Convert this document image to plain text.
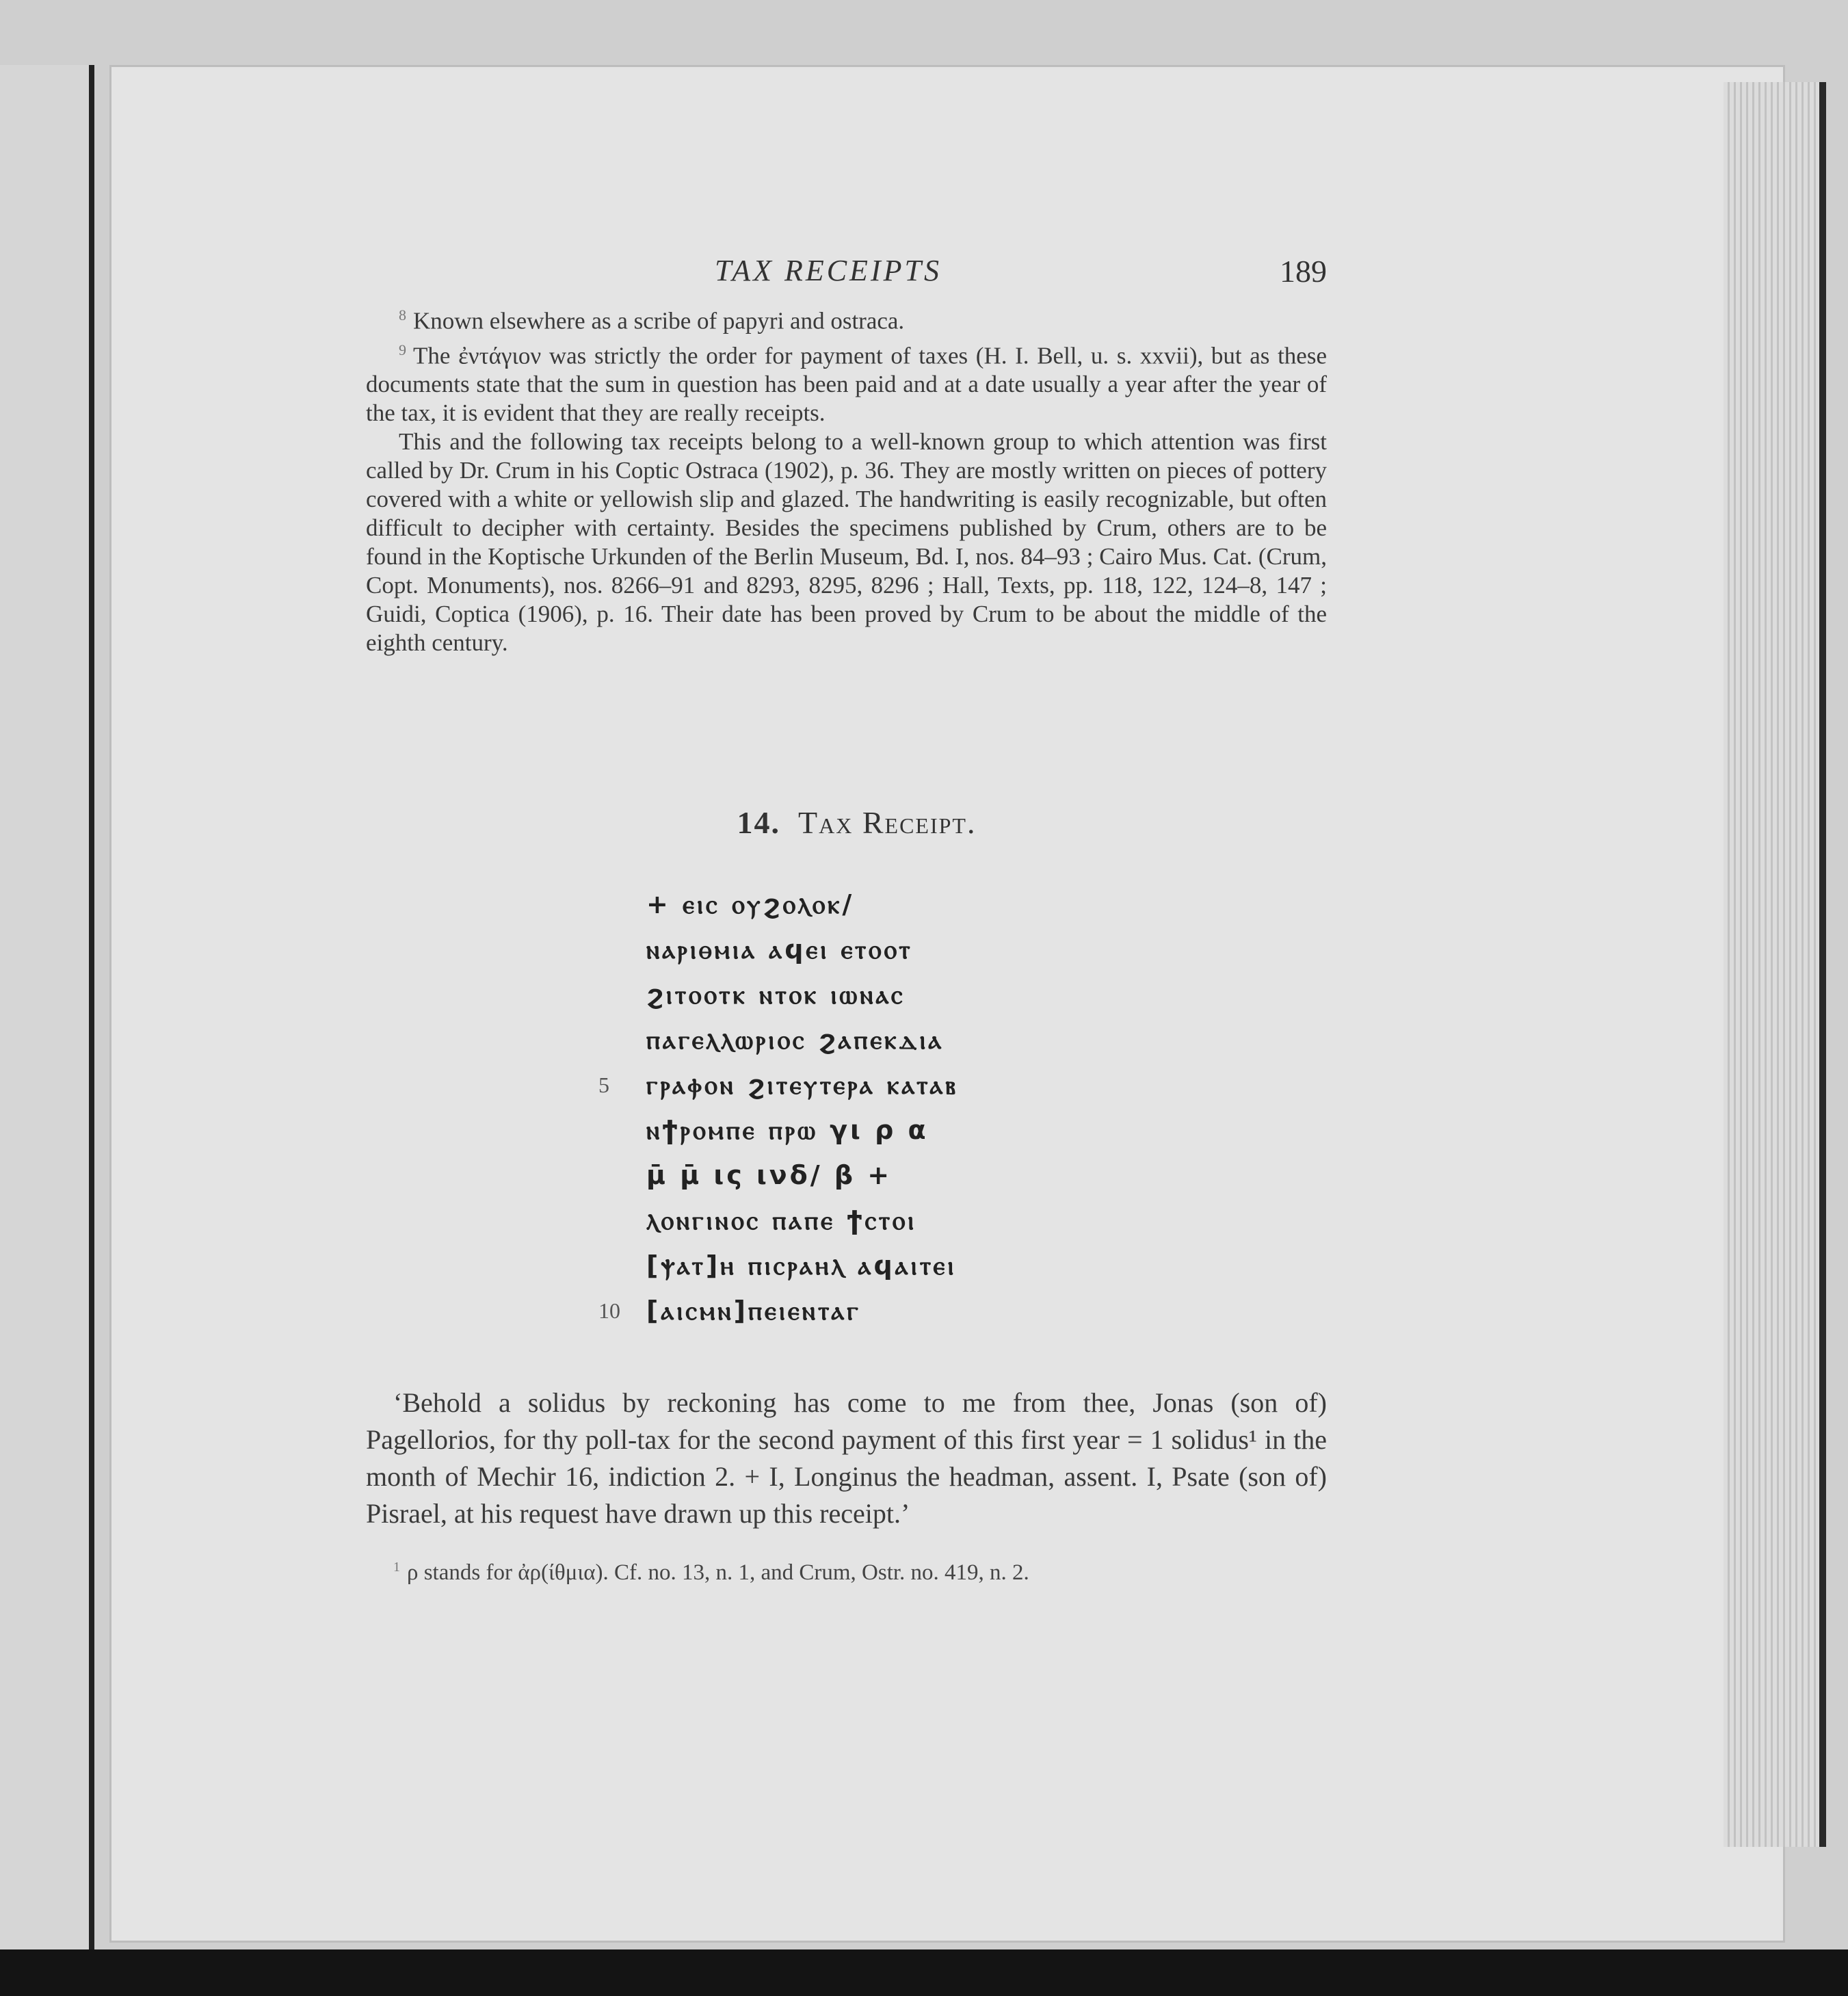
TAX RECEIPTS	189

$^8$ Known elsewhere as a scribe of papyri and ostraca.

$^9$ The ἐντάγιον was strictly the order for payment of taxes (H. I. Bell, u. s. xxvii), but as these documents state that the sum in question has been paid and at a date usually a year after the year of the tax, it is evident that they are really receipts.

This and the following tax receipts belong to a well-known group to which attention was first called by Dr. Crum in his Coptic Ostraca (1902), p. 36. They are mostly written on pieces of pottery covered with a white or yellowish slip and glazed. The handwriting is easily recognizable, but often difficult to decipher with certainty. Besides the specimens published by Crum, others are to be found in the Koptische Urkunden of the Berlin Museum, Bd. I, nos. 84–93 ; Cairo Mus. Cat. (Crum, Copt. Monuments), nos. 8266–91 and 8293, 8295, 8296 ; Hall, Texts, pp. 118, 122, 124–8, 147 ; Guidi, Coptica (1906), p. 16. Their date has been proved by Crum to be about the middle of the eighth century.

14. Tax Receipt.
+ ⲉⲓⲥ ⲟⲩϩⲟⲗⲟⲕ/
ⲛⲁⲣⲓⲑⲙⲓⲁ ⲁϥⲉⲓ ⲉⲧⲟⲟⲧ
ϩⲓⲧⲟⲟⲧⲕ ⲛⲧⲟⲕ ⲓⲱⲛⲁⲥ
ⲡⲁⲅⲉⲗⲗⲱⲣⲓⲟⲥ ϩⲁⲡⲉⲕⲇⲓⲁ
5 ⲅⲣⲁⲫⲟⲛ ϩⲓⲧⲉⲩⲧⲉⲣⲁ ⲕⲁⲧⲁⲃ
ⲛϯⲣⲟⲙⲡⲉ ⲡⲣⲱ γι ρ α
μ̄ μ̄ ις ινδ/ β +
ⲗⲟⲛⲅⲓⲛⲟⲥ ⲡⲁⲡⲉ ϯⲥⲧⲟⲓ
[ⲯⲁⲧ]ⲏ ⲡⲓⲥⲣⲁⲏⲗ ⲁϥⲁⲓⲧⲉⲓ
10 [ⲁⲓⲥⲙⲛ]ⲡⲉⲓⲉⲛⲧⲁⲅ

‘Behold a solidus by reckoning has come to me from thee, Jonas (son of) Pagellorios, for thy poll-tax for the second payment of this first year = 1 solidus¹ in the month of Mechir 16, indiction 2. + I, Longinus the headman, assent. I, Psate (son of) Pisrael, at his request have drawn up this receipt.’

$^1$ ρ stands for ἀρ(ίθμια). Cf. no. 13, n. 1, and Crum, Ostr. no. 419, n. 2.
